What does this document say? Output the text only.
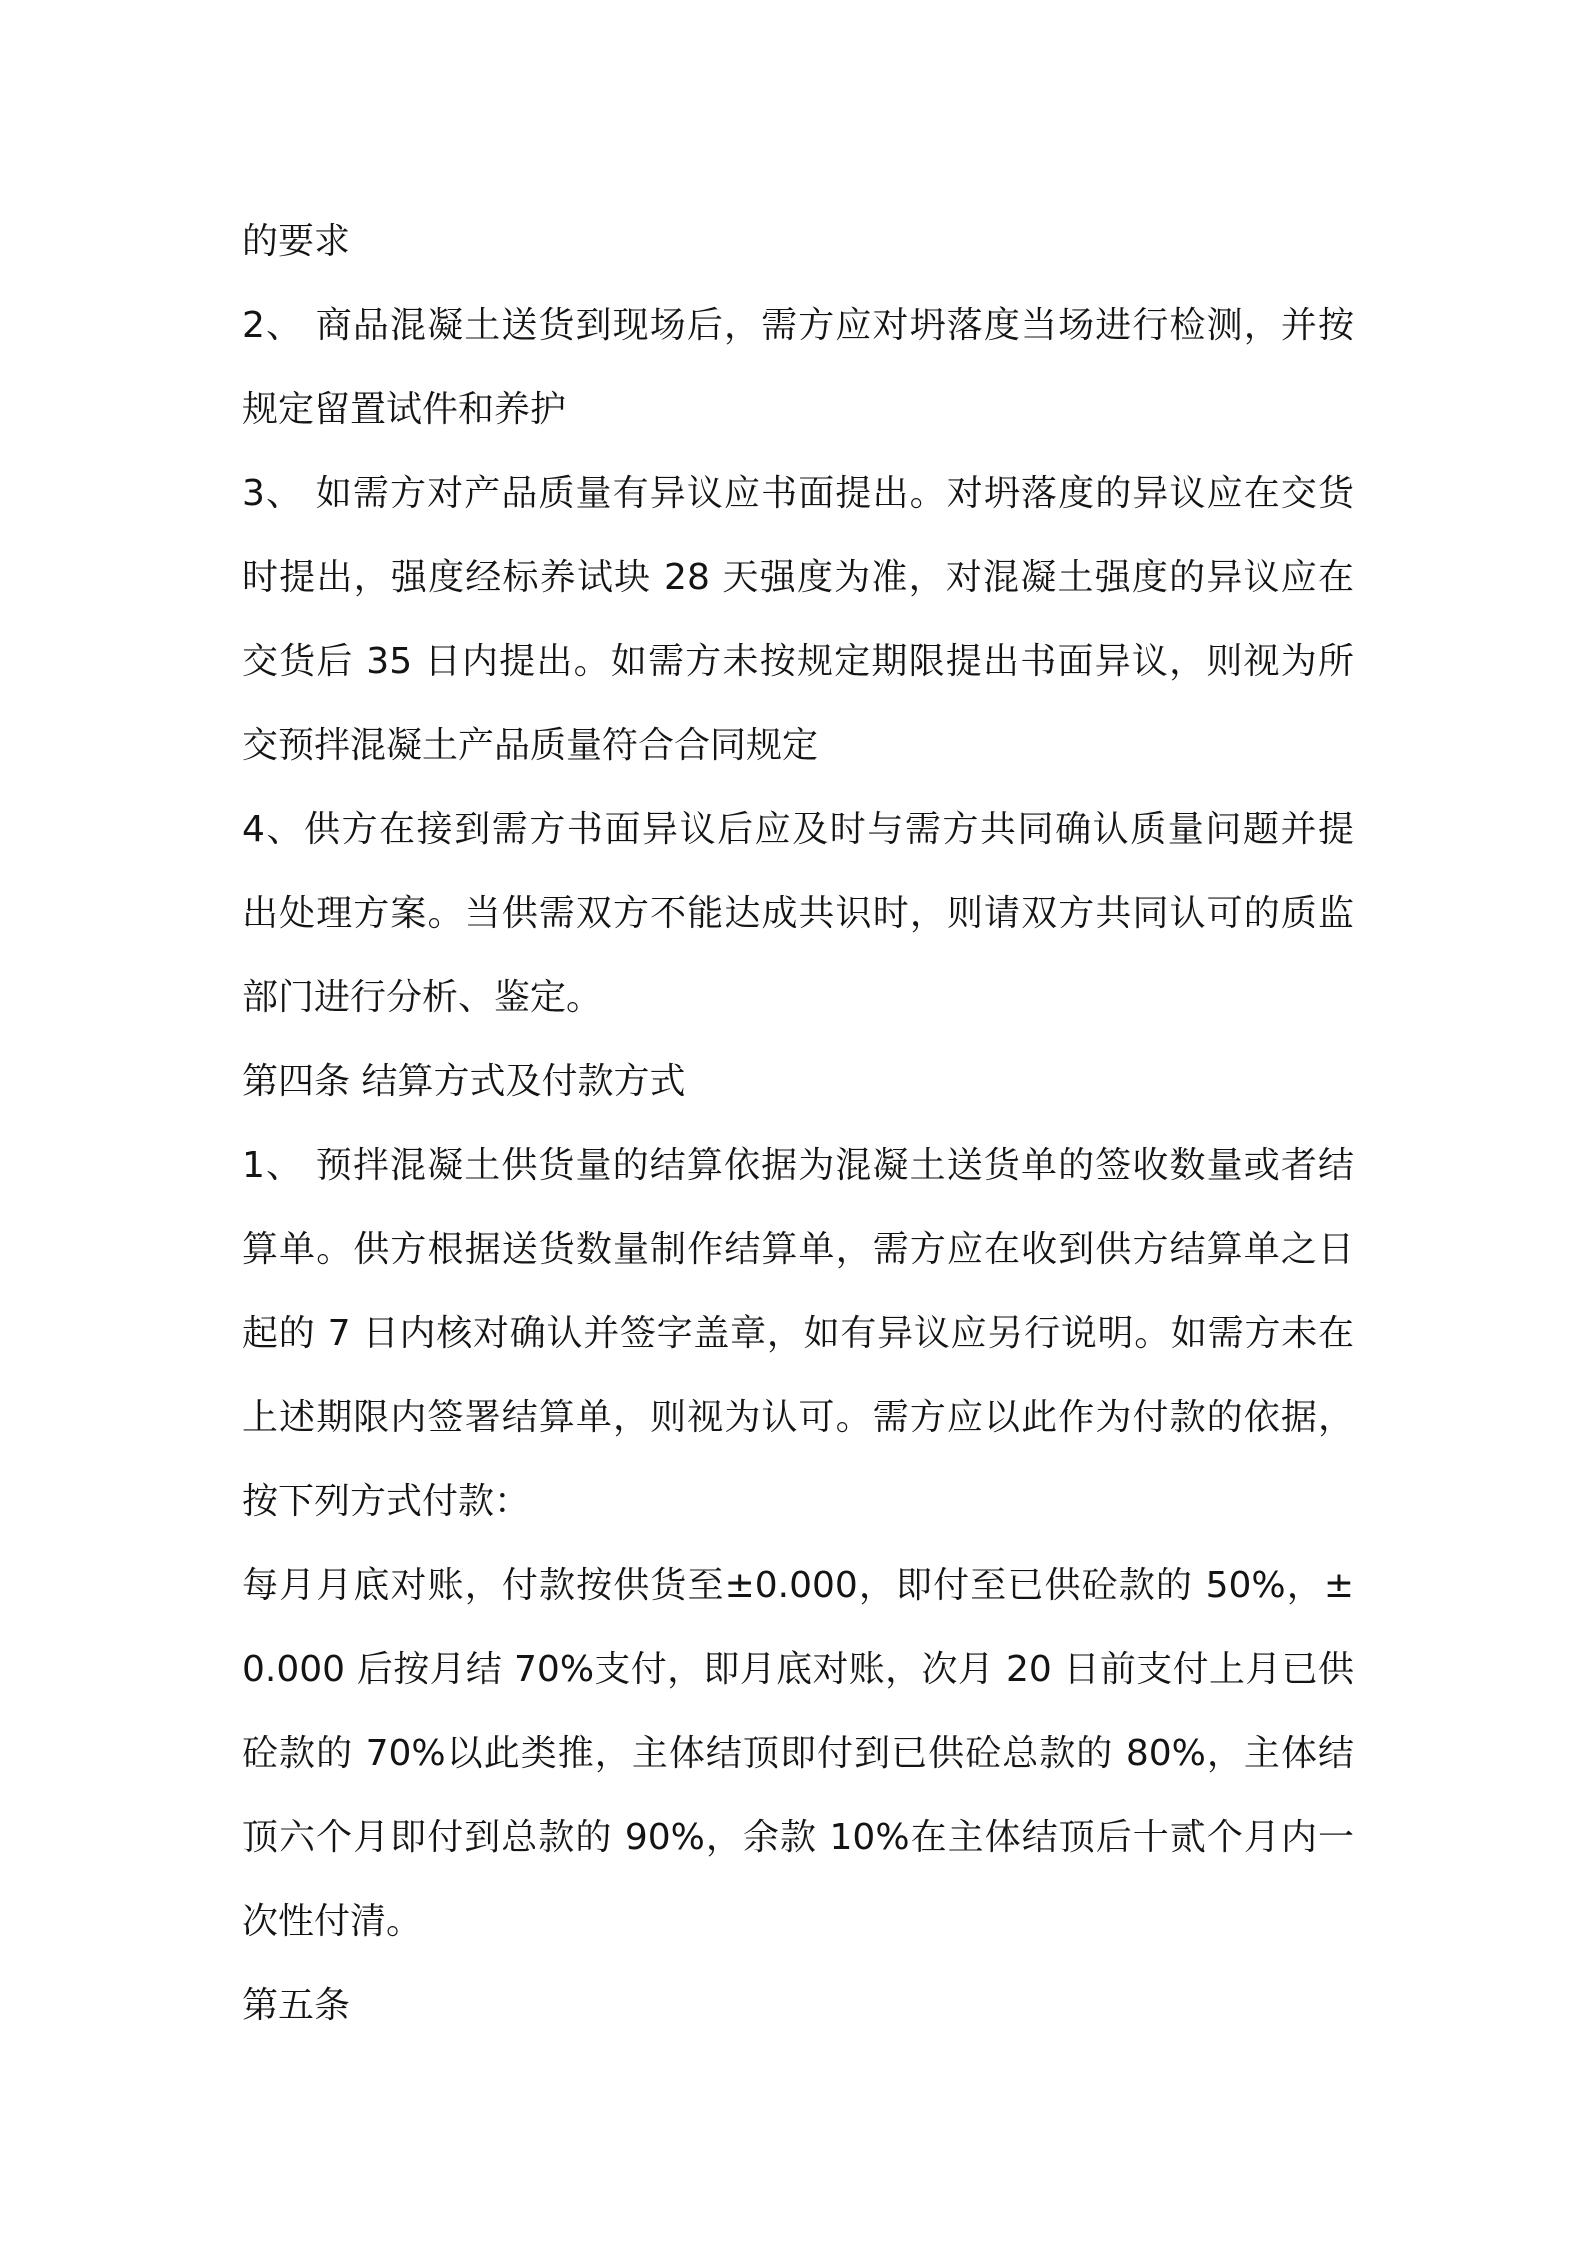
的要求
2、 商品混凝土送货到现场后，需方应对坍落度当场进行检测，并按
规定留置试件和养护
3、 如需方对产品质量有异议应书面提出。对坍落度的异议应在交货
时提出，强度经标养试块 28 天强度为准，对混凝土强度的异议应在
交货后 35 日内提出。如需方未按规定期限提出书面异议，则视为所
交预拌混凝土产品质量符合合同规定
4、供方在接到需方书面异议后应及时与需方共同确认质量问题并提
出处理方案。当供需双方不能达成共识时，则请双方共同认可的质监
部门进行分析、鉴定。
第四条 结算方式及付款方式
1、 预拌混凝土供货量的结算依据为混凝土送货单的签收数量或者结
算单。供方根据送货数量制作结算单，需方应在收到供方结算单之日
起的 7 日内核对确认并签字盖章，如有异议应另行说明。如需方未在
上述期限内签署结算单，则视为认可。需方应以此作为付款的依据，
按下列方式付款：
每月月底对账，付款按供货至±0.000，即付至已供砼款的 50%，±
0.000 后按月结 70%支付，即月底对账，次月 20 日前支付上月已供
砼款的 70%以此类推，主体结顶即付到已供砼总款的 80%，主体结
顶六个月即付到总款的 90%，余款 10%在主体结顶后十贰个月内一
次性付清。
第五条
